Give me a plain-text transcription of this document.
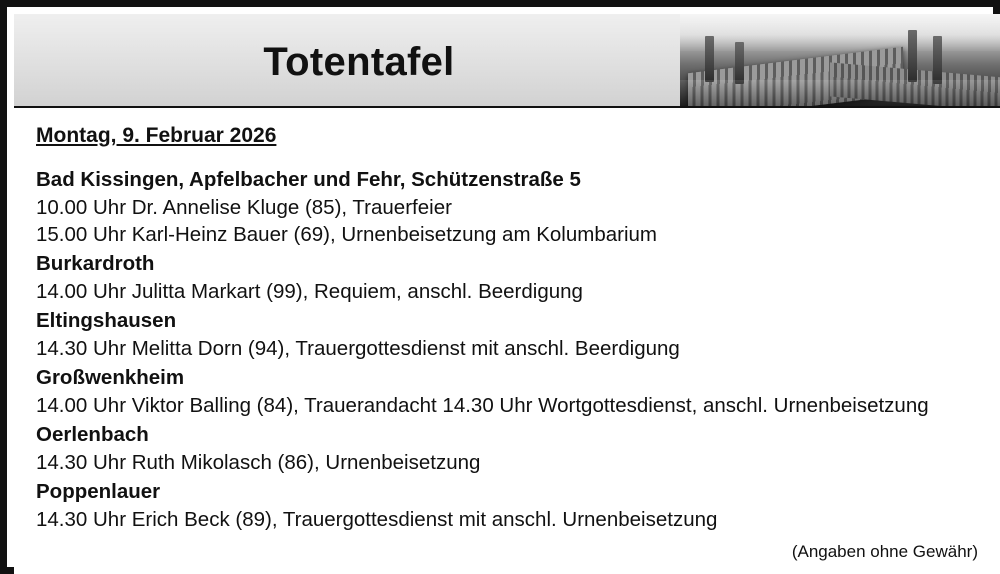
Totentafel
Montag, 9. Februar 2026
Bad Kissingen, Apfelbacher und Fehr, Schützenstraße 5
10.00 Uhr Dr. Annelise Kluge (85), Trauerfeier
15.00 Uhr Karl-Heinz Bauer (69), Urnenbeisetzung am Kolumbarium
Burkardroth
14.00 Uhr Julitta Markart (99), Requiem, anschl. Beerdigung
Eltingshausen
14.30 Uhr Melitta Dorn (94), Trauergottesdienst mit anschl. Beerdigung
Großwenkheim
14.00 Uhr Viktor Balling (84), Trauerandacht 14.30 Uhr Wortgottesdienst, anschl. Urnenbeisetzung
Oerlenbach
14.30 Uhr Ruth Mikolasch (86), Urnenbeisetzung
Poppenlauer
14.30 Uhr Erich Beck (89), Trauergottesdienst mit anschl. Urnenbeisetzung
(Angaben ohne Gewähr)
